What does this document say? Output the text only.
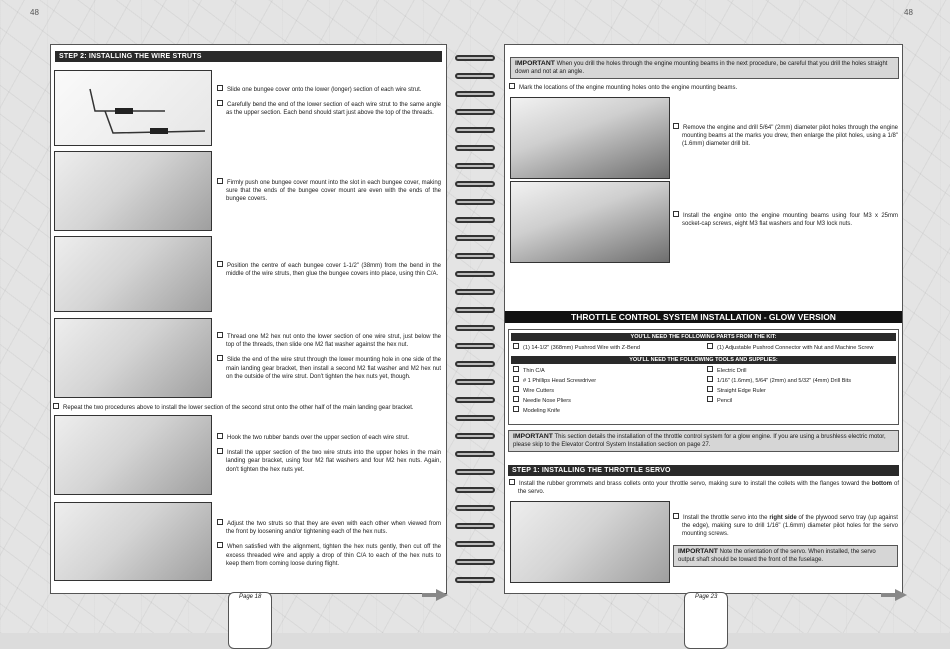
48	48
STEP 2: INSTALLING THE WIRE STRUTS

Slide one bungee cover onto the lower (longer) section of each wire strut.

Carefully bend the end of the lower section of each wire strut to the same angle as the upper section. Each bend should start just above the top of the threads.

Firmly push one bungee cover mount into the slot in each bungee cover, making sure that the ends of the bungee cover mount are even with the ends of the bungee covers.

Position the centre of each bungee cover 1-1/2" (38mm) from the bend in the middle of the wire struts, then glue the bungee covers into place, using thin C/A.

Thread one M2 hex nut onto the lower section of one wire strut, just below the top of the threads, then slide one M2 flat washer against the hex nut.

Slide the end of the wire strut through the lower mounting hole in one side of the main landing gear bracket, then install a second M2 flat washer and M2 hex nut on the outside of the wire strut. Don't tighten the hex nuts yet, though.

Repeat the two procedures above to install the lower section of the second strut onto the other half of the main landing gear bracket.

Hook the two rubber bands over the upper section of each wire strut.

Install the upper section of the two wire struts into the upper holes in the main landing gear bracket, using four M2 flat washers and four M2 hex nuts. Again, don't tighten the hex nuts yet.

Adjust the two struts so that they are even with each other when viewed from the front by loosening and/or tightening each of the hex nuts.

When satisfied with the alignment, tighten the hex nuts gently, then cut off the excess threaded wire and apply a drop of thin C/A to each of the hex nuts to keep them from coming loose during flight.

Page 18
IMPORTANT When you drill the holes through the engine mounting beams in the next procedure, be careful that you drill the holes straight down and not at an angle.

Mark the locations of the engine mounting holes onto the engine mounting beams.

Remove the engine and drill 5/64" (2mm) diameter pilot holes through the engine mounting beams at the marks you drew, then enlarge the pilot holes, using a 1/8" (1.6mm) diameter drill bit.

Install the engine onto the engine mounting beams using four M3 x 25mm socket-cap screws, eight M3 flat washers and four M3 lock nuts.

THROTTLE CONTROL SYSTEM INSTALLATION - GLOW VERSION
YOU'LL NEED THE FOLLOWING PARTS FROM THE KIT:
(1) 14-1/2" (368mm) Pushrod Wire with Z-Bend	(1) Adjustable Pushrod Connector with Nut and Machine Screw
YOU'LL NEED THE FOLLOWING TOOLS AND SUPPLIES:
Thin C/A
# 1 Phillips Head Screwdriver
Wire Cutters
Needle Nose Pliers
Modeling Knife
Electric Drill
1/16" (1.6mm), 5/64" (2mm) and 5/32" (4mm) Drill Bits
Straight Edge Ruler
Pencil
IMPORTANT This section details the installation of the throttle control system for a glow engine. If you are using a brushless electric motor, please skip to the Elevator Control System Installation section on page 27.
STEP 1: INSTALLING THE THROTTLE SERVO

Install the rubber grommets and brass collets onto your throttle servo, making sure to install the collets with the flanges toward the bottom of the servo.

Install the throttle servo into the right side of the plywood servo tray (up against the edge), making sure to drill 1/16" (1.6mm) diameter pilot holes for the servo mounting screws.

IMPORTANT Note the orientation of the servo. When installed, the servo output shaft should be toward the front of the fuselage.
Page 23
